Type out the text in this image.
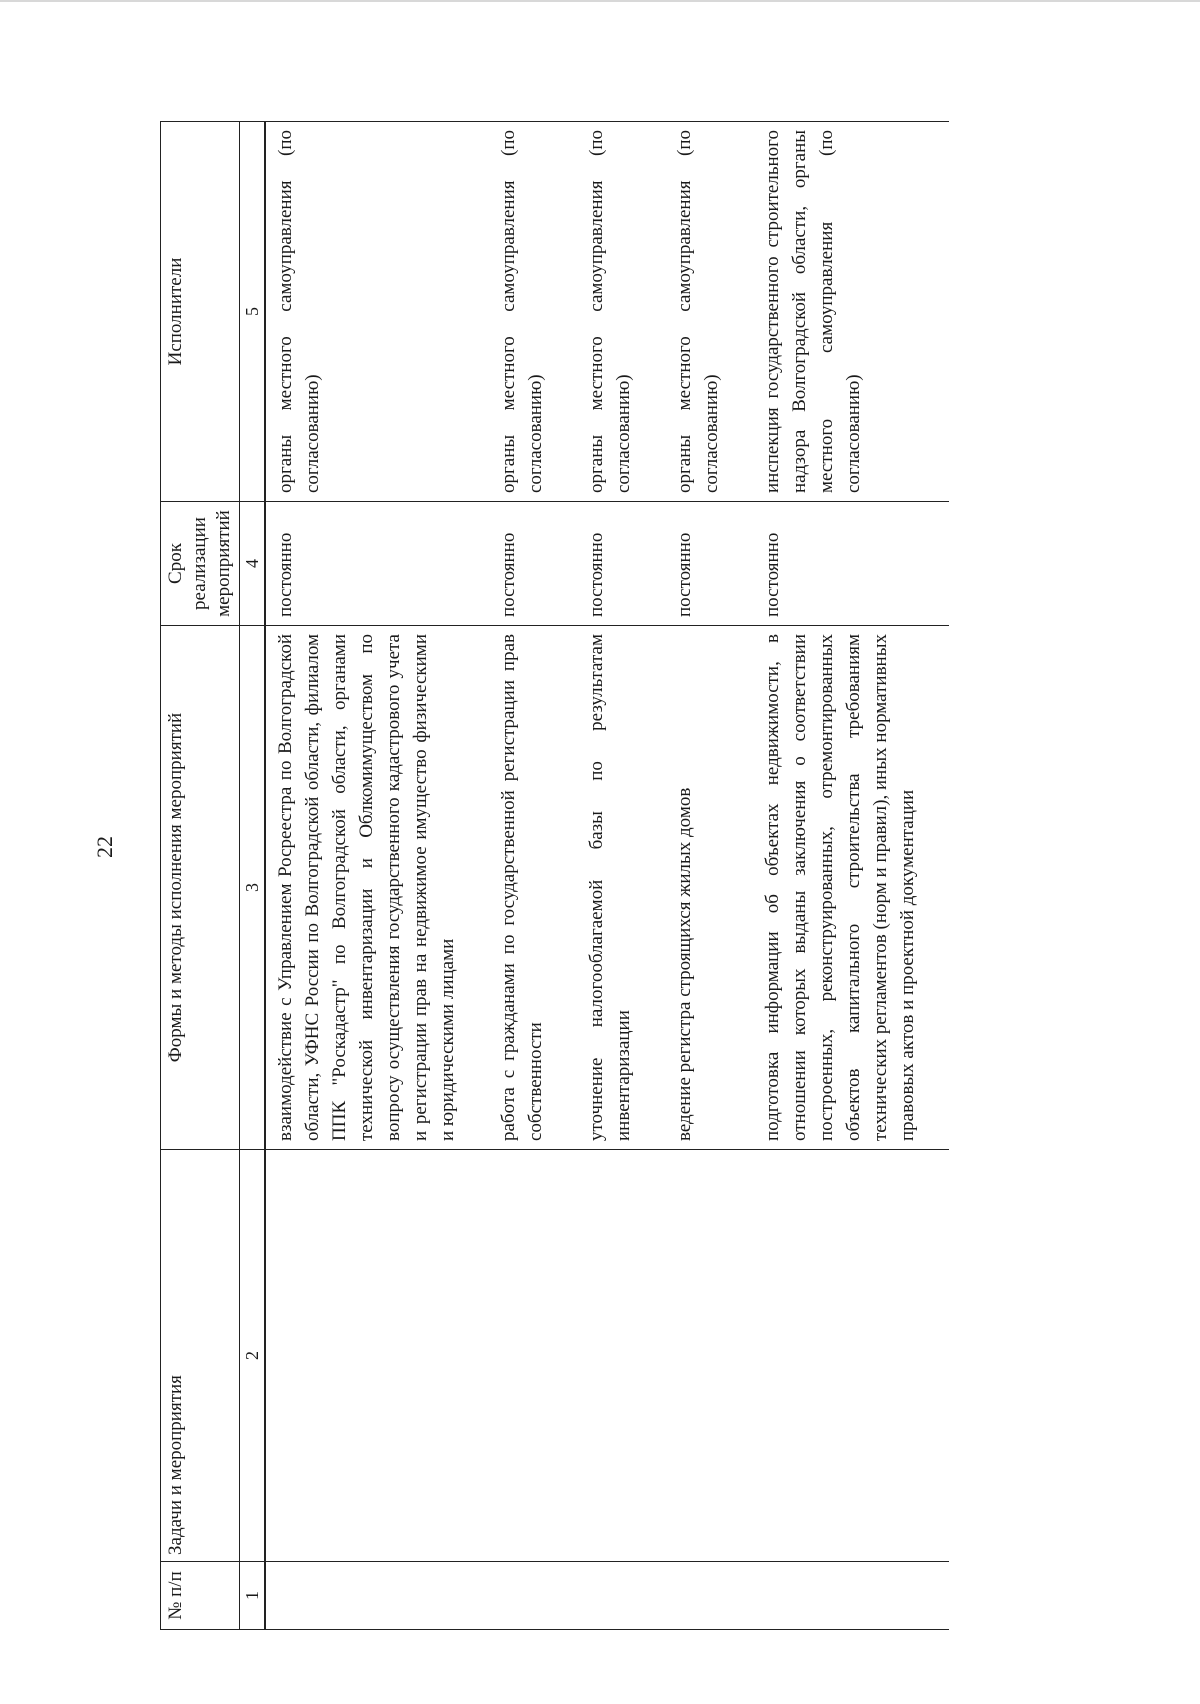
22
№ п/п	Задачи и мероприятия	Формы и методы исполнения мероприятий	Срок реализации мероприятий	Исполнители
1	2	3	4	5
		взаимодействие с Управлением Росреестра по Волгоградской области, УФНС России по Волгоградской области, филиалом ППК "Роскадастр" по Волгоградской области, органами технической инвентаризации и Облкомимуществом по вопросу осуществления государственного кадастрового учета и регистрации прав на недвижимое имущество физическими и юридическими лицами	постоянно	органы местного самоуправления (по согласованию)
		работа с гражданами по государственной регистрации прав собственности	постоянно	органы местного самоуправления (по согласованию)
		уточнение налогооблагаемой базы по результатам инвентаризации	постоянно	органы местного самоуправления (по согласованию)
		ведение регистра строящихся жилых домов	постоянно	органы местного самоуправления (по согласованию)
		подготовка информации об объектах недвижимости, в отношении которых выданы заключения о соответствии построенных, реконструированных, отремонтированных объектов капитального строительства требованиям технических регламентов (норм и правил), иных нормативных правовых актов и проектной документации	постоянно	инспекция государственного строительного надзора Волгоградской области, органы местного самоуправления (по согласованию)
